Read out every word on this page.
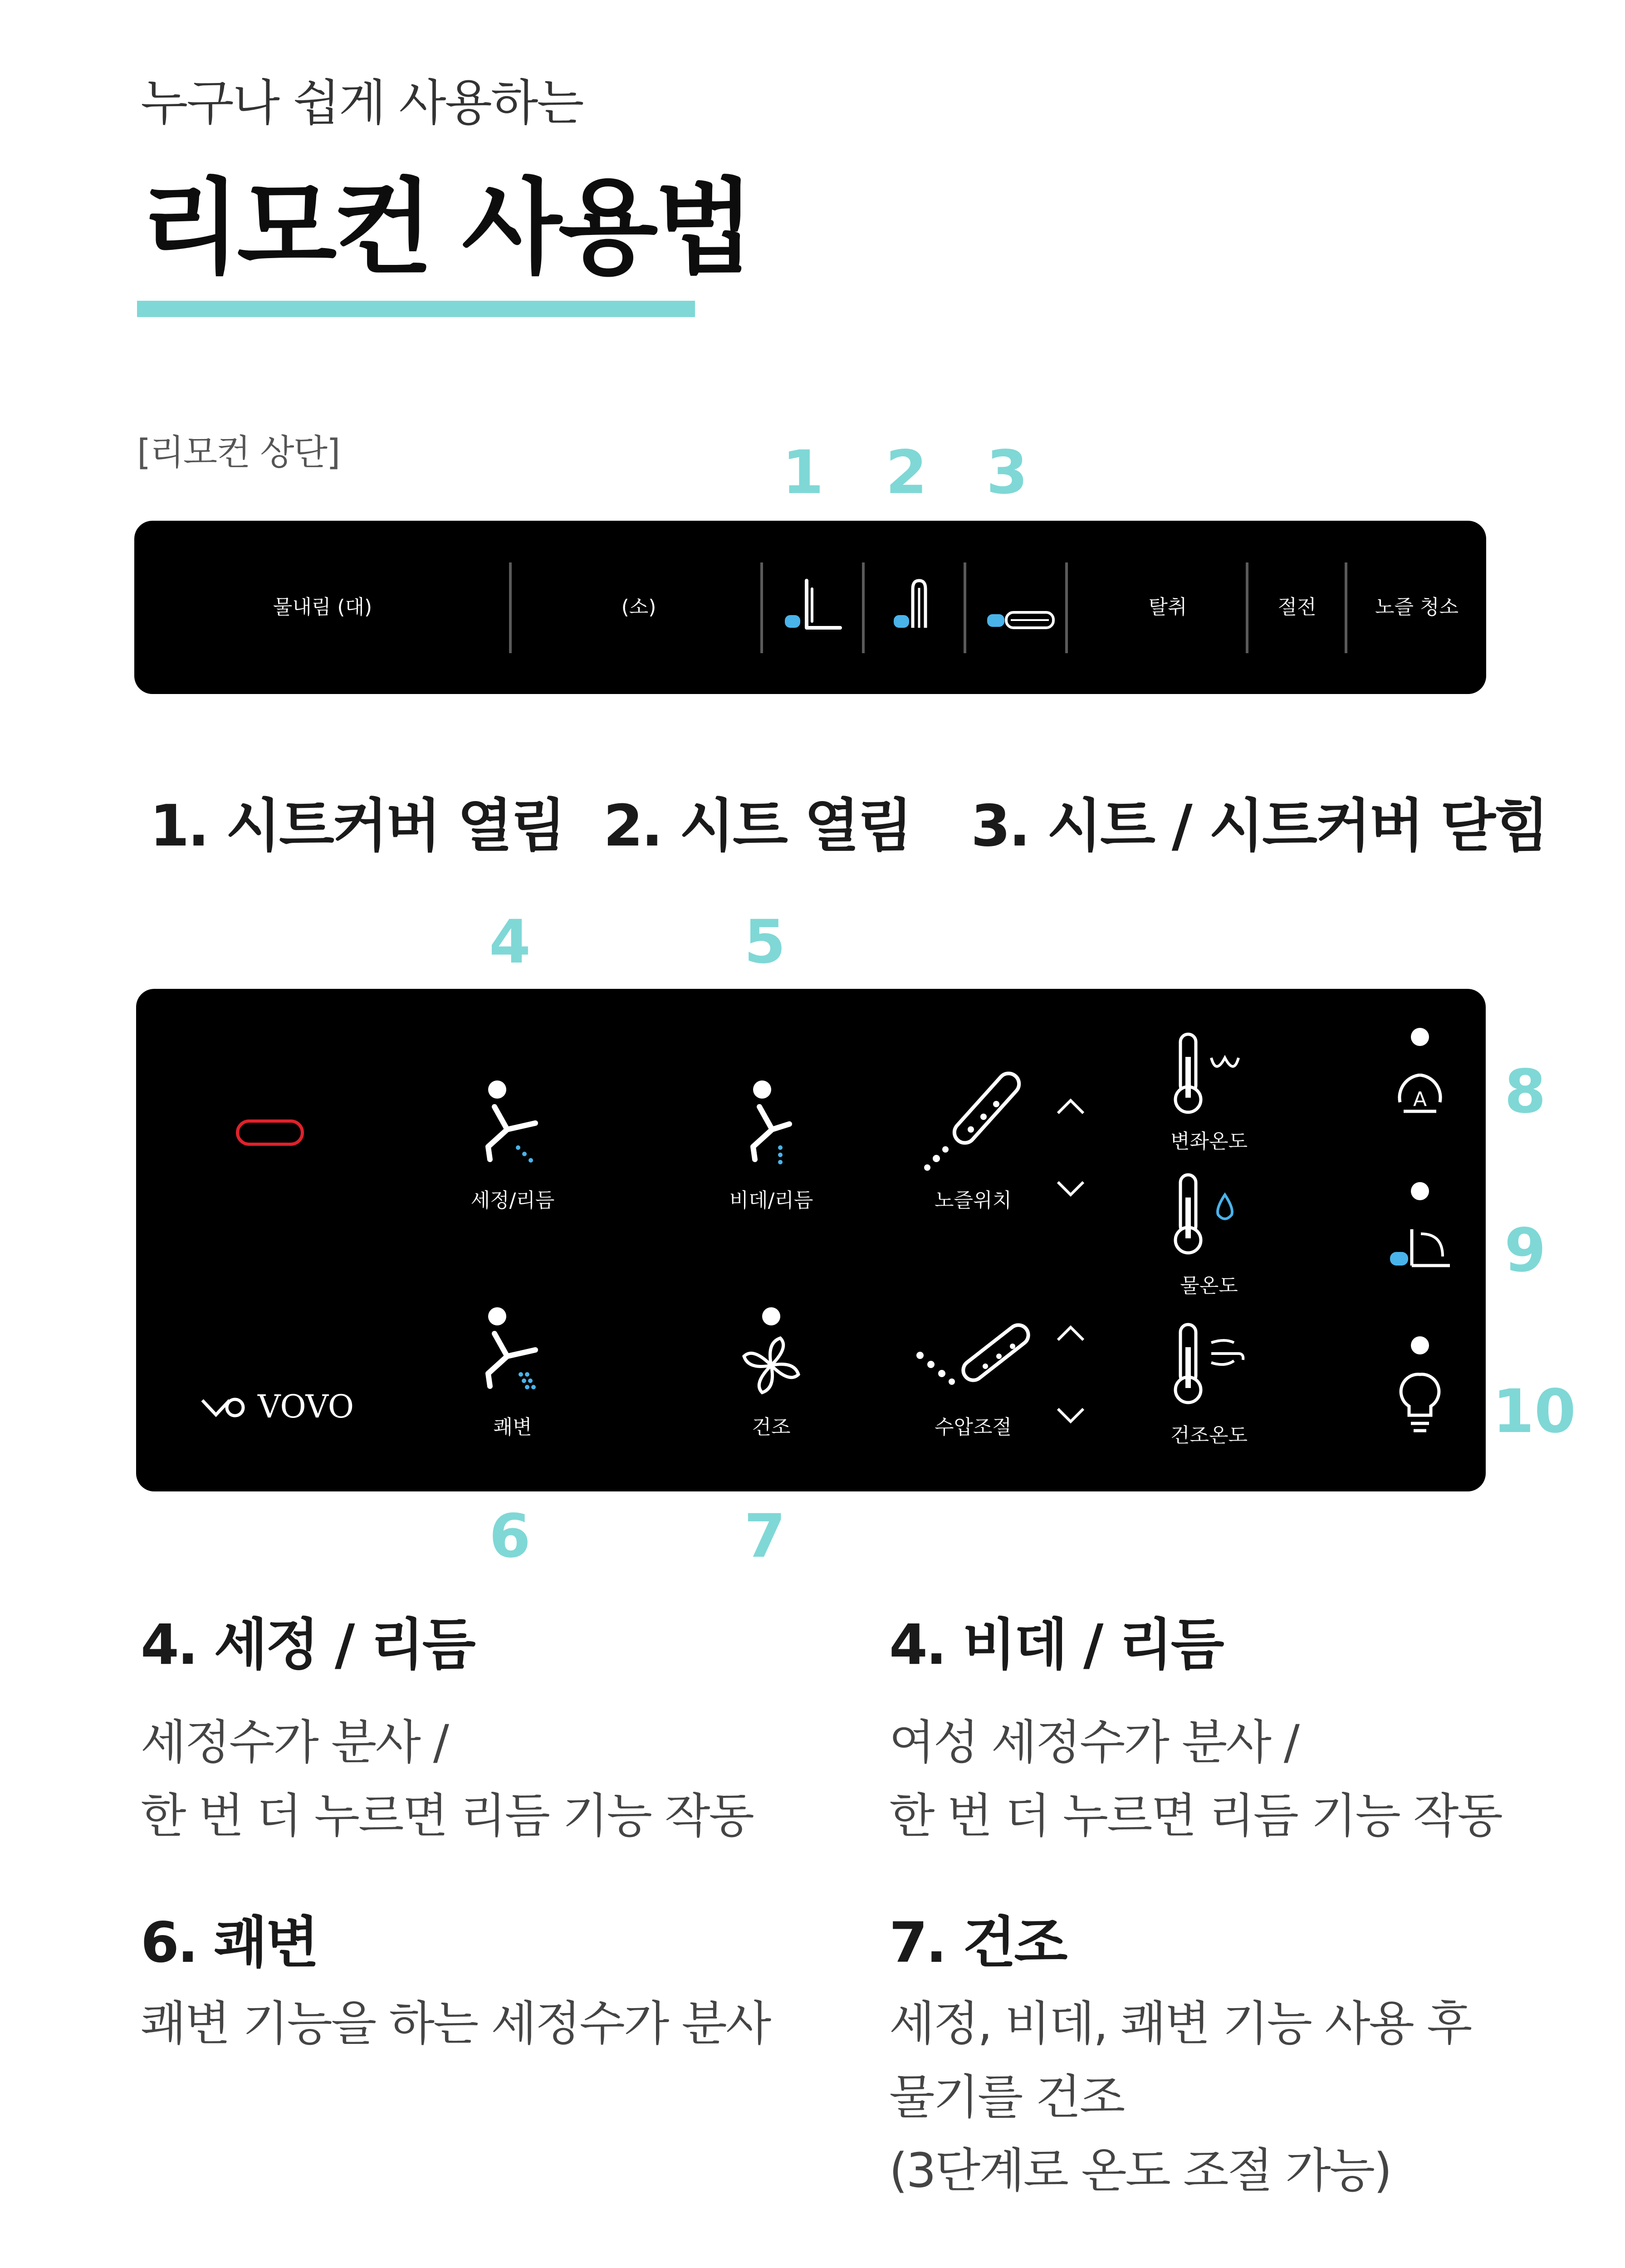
누구나 쉽게 사용하는
리모컨 사용법
[리모컨 상단]	1 2 3
물내림 (대)	(소)	탈취	절전	노즐 청소
1. 시트커버 열림 2. 시트 열림 3. 시트 / 시트커버 닫힘
4	5
6	7
8
9
10
VOVO
세정/리듬	비데/리듬	노즐위치
변좌온도
물온도
쾌변	건조	수압조절	건조온도
A
4. 세정 / 리듬
세정수가 분사 /
한 번 더 누르면 리듬 기능 작동
4. 비데 / 리듬
여성 세정수가 분사 /
한 번 더 누르면 리듬 기능 작동
6. 쾌변
쾌변 기능을 하는 세정수가 분사
7. 건조
세정, 비데, 쾌변 기능 사용 후
물기를 건조
(3단계로 온도 조절 가능)
